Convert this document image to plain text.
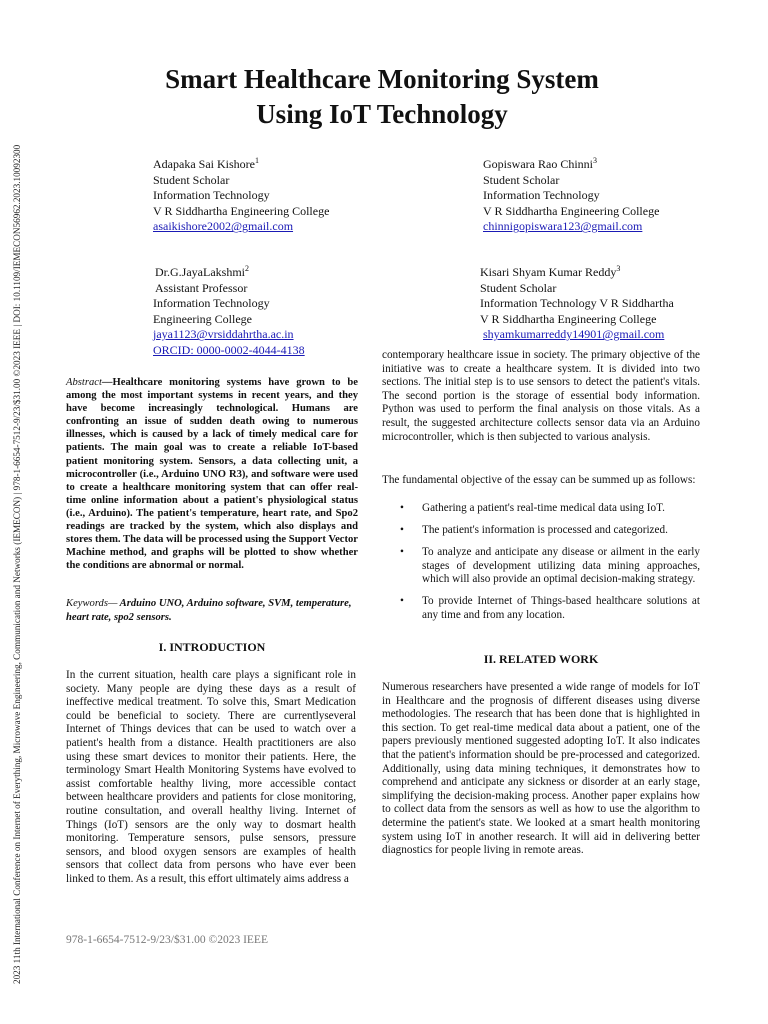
2023 11th International Conference on Internet of Everything, Microwave Engineering, Communication and Networks (IEMECON) | 978-1-6654-7512-9/23/$31.00 ©2023 IEEE | DOI: 10.1109/IEMECON56962.2023.10092300
Smart Healthcare Monitoring System
Using IoT Technology
Adapaka Sai Kishore$^1$
Student Scholar
Information Technology
V R Siddhartha Engineering College
asaikishore2002@gmail.com
Gopiswara Rao Chinni$^3$
Student Scholar
Information Technology
V R Siddhartha Engineering College
chinnigopiswara123@gmail.com
Dr.G.JayaLakshmi$^2$
Assistant Professor
Information Technology
Engineering College
jaya1123@vrsiddahrtha.ac.in
ORCID: 0000-0002-4044-4138
Kisari Shyam Kumar Reddy$^3$
Student Scholar
Information Technology V R Siddhartha
V R Siddhartha Engineering College
shyamkumarreddy14901@gmail.com

Abstract—Healthcare monitoring systems have grown to be among the most important systems in recent years, and they have become increasingly technological. Humans are confronting an issue of sudden death owing to numerous illnesses, which is caused by a lack of timely medical care for patients. The main goal was to create a reliable IoT-based patient monitoring system. Sensors, a data collecting unit, a microcontroller (i.e., Arduino UNO R3), and software were used to create a healthcare monitoring system that can offer real- time online information about a patient's physiological status (i.e., Arduino). The patient's temperature, heart rate, and Spo2 readings are tracked by the system, which also displays and stores them. The data will be processed using the Support Vector Machine method, and graphs will be plotted to show whether the conditions are abnormal or normal.

Keywords— Arduino UNO, Arduino software, SVM, temperature, heart rate, spo2 sensors.

I. INTRODUCTION

In the current situation, health care plays a significant role in society. Many people are dying these days as a result of ineffective medical treatment. To solve this, Smart Medication could be beneficial to society. There are currentlyseveral Internet of Things devices that can be used to watch over a patient's health from a distance. Health practitioners are also using these smart devices to monitor their patients. Here, the terminology Smart Health Monitoring Systems have evolved to assist comfortable healthy living, more accessible contact between healthcare providers and patients for close monitoring, routine consultation, and overall healthy living. Internet of Things (IoT) sensors are the only way to dosmart health monitoring. Temperature sensors, pulse sensors, pressure sensors, and blood oxygen sensors are examples of health sensors that collect data from persons who have ever been linked to them. As a result, this effort ultimately aims address a

contemporary healthcare issue in society. The primary objective of the initiative was to create a healthcare system. It is divided into two sections. The initial step is to use sensors to detect the patient's vitals. The second portion is the storage of essential body information. Python was used to perform the final analysis on those vitals. As a result, the suggested architecture collects sensor data via an Arduino microcontroller, which is then subjected to various analysis.

The fundamental objective of the essay can be summed up as follows:

• Gathering a patient's real-time medical data using IoT.
• The patient's information is processed and categorized.
• To analyze and anticipate any disease or ailment in the early stages of development utilizing data mining approaches, which will also provide an optimal decision-making strategy.
• To provide Internet of Things-based healthcare solutions at any time and from any location.
II. RELATED WORK

Numerous researchers have presented a wide range of models for IoT in Healthcare and the prognosis of different diseases using diverse methodologies. The research that has been done that is highlighted in this section. To get real-time medical data about a patient, one of the papers previously mentioned suggested adopting IoT. It also indicates that the patient's information should be pre-processed and categorized. Additionally, using data mining techniques, it demonstrates how to comprehend and anticipate any sickness or disorder at an early stage, simplifying the decision-making process. Another paper explains how to collect data from the sensors as well as how to use the algorithm to determine the patient's state. We looked at a smart health monitoring system using IoT in another research. It will aid in delivering better diagnostics for people living in remote areas.

978-1-6654-7512-9/23/$31.00 ©2023 IEEE
